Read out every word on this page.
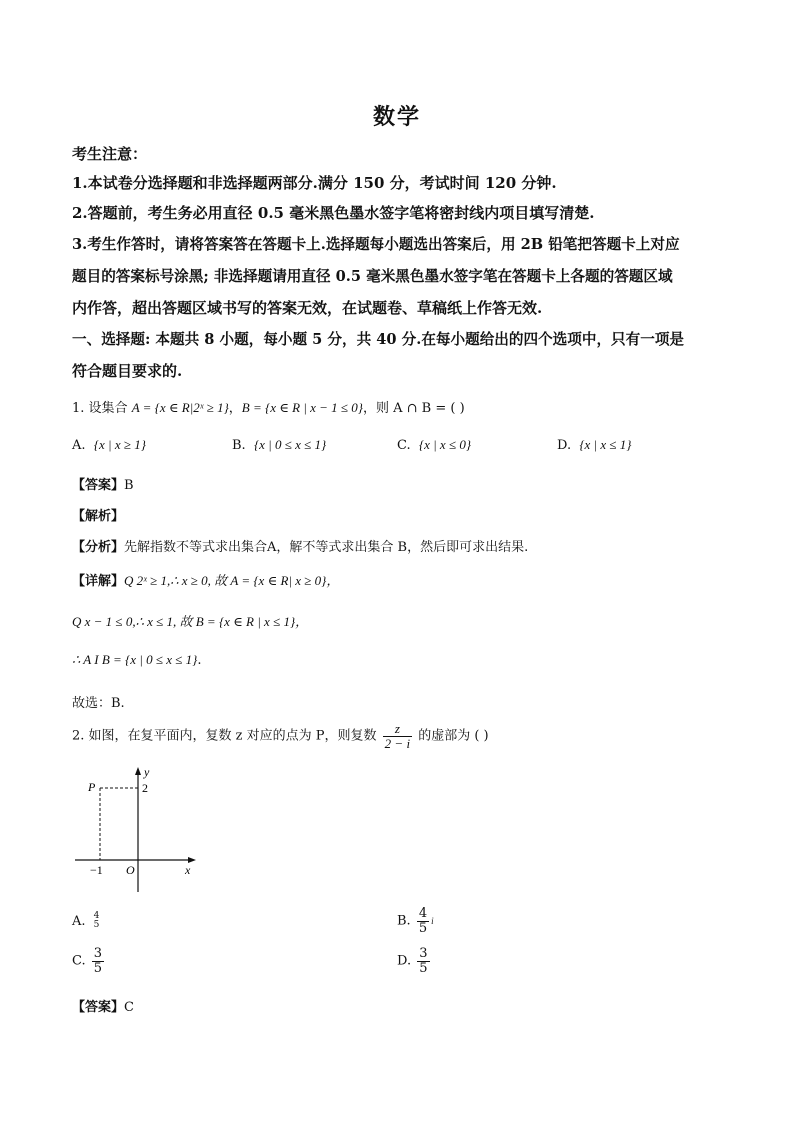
数学
考生注意：
1.本试卷分选择题和非选择题两部分.满分 150 分，考试时间 120 分钟.
2.答题前，考生务必用直径 0.5 毫米黑色墨水签字笔将密封线内项目填写清楚.
3.考生作答时，请将答案答在答题卡上.选择题每小题选出答案后，用 2B 铅笔把答题卡上对应
题目的答案标号涂黑; 非选择题请用直径 0.5 毫米黑色墨水签字笔在答题卡上各题的答题区域
内作答，超出答题区域书写的答案无效，在试题卷、草稿纸上作答无效.
一、选择题: 本题共 8 小题，每小题 5 分，共 40 分.在每小题给出的四个选项中，只有一项是
符合题目要求的.
1. 设集合 A = {x ∈ R|2ˣ ≥ 1}，B = {x ∈ R | x − 1 ≤ 0}，则 A ∩ B = ( )
A. {x | x ≥ 1}	B. {x | 0 ≤ x ≤ 1}	C. {x | x ≤ 0}	D. {x | x ≤ 1}
【答案】B
【解析】
【分析】先解指数不等式求出集合A，解不等式求出集合 B，然后即可求出结果.
【详解】Q 2ˣ ≥ 1,∴ x ≥ 0, 故 A = {x ∈ R| x ≥ 0}，
Q x − 1 ≤ 0,∴ x ≤ 1, 故 B = {x ∈ R | x ≤ 1}，
∴ A I B = {x | 0 ≤ x ≤ 1}.
故选：B.
2. 如图，在复平面内，复数 z 对应的点为 P，则复数 $\frac{z}{2 - i}$ 的虚部为 ( )
y
x
O
P	2
−1
A. 4
5	B. $\frac{4}{5}$ i
C. $\frac{3}{5}$	D. $\frac{3}{5}$
【答案】C
